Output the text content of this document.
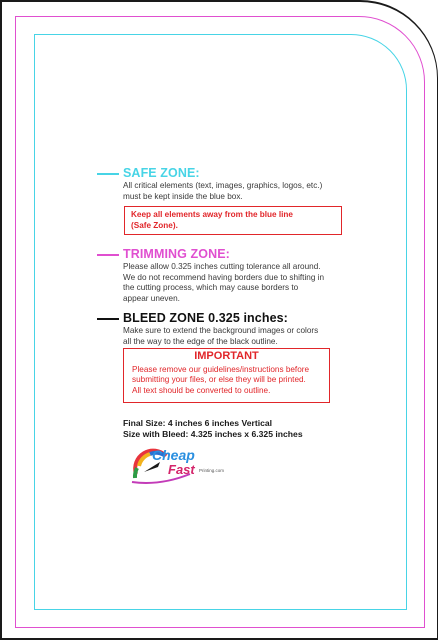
SAFE ZONE:
All critical elements (text, images, graphics, logos, etc.)
must be kept inside the blue box.
Keep all elements away from the blue line
(Safe Zone).
TRIMMING ZONE:
Please allow 0.325 inches cutting tolerance all around.
We do not recommend having borders due to shifting in
the cutting process, which may cause borders to
appear uneven.
BLEED ZONE 0.325 inches:
Make sure to extend the background images or colors
all the way to the edge of the black outline.
IMPORTANT
Please remove our guidelines/instructions before
submitting your files, or else they will be printed.
All text should be converted to outline.
Final Size: 4 inches 6 inches Vertical
Size with Bleed: 4.325 inches x 6.325 inches
Cheap
Fast Printing.com
